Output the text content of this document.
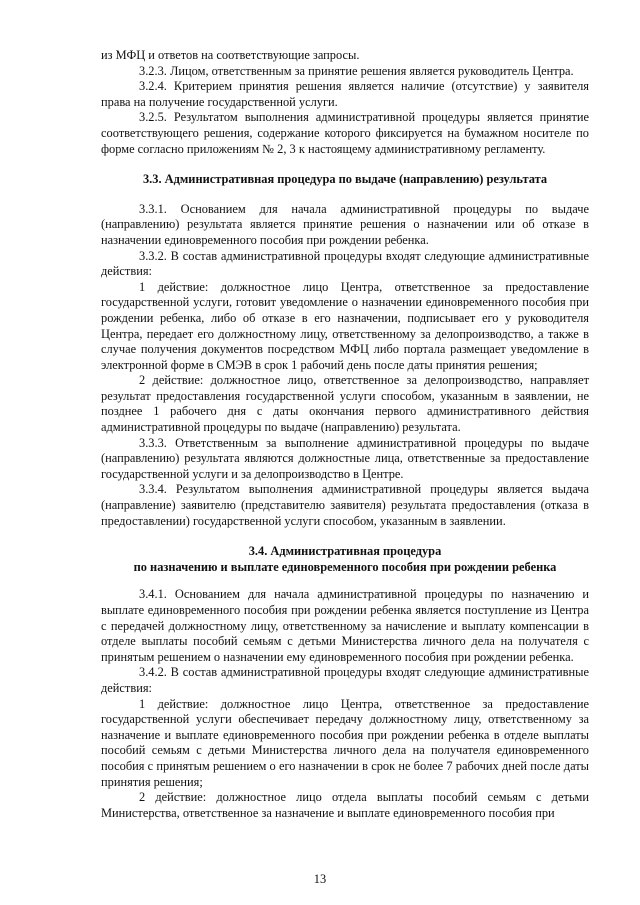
из МФЦ и ответов на соответствующие запросы.

3.2.3. Лицом, ответственным за принятие решения является руководитель Центра.

3.2.4. Критерием принятия решения является наличие (отсутствие) у заявителя права на получение государственной услуги.

3.2.5. Результатом выполнения административной процедуры является принятие соответствующего решения, содержание которого фиксируется на бумажном носителе по форме согласно приложениям № 2, 3 к настоящему административному регламенту.

3.3. Административная процедура по выдаче (направлению) результата

3.3.1. Основанием для начала административной процедуры по выдаче (направлению) результата является принятие решения о назначении или об отказе в назначении единовременного пособия при рождении ребенка.

3.3.2. В состав административной процедуры входят следующие административные действия:

1 действие: должностное лицо Центра, ответственное за предоставление государственной услуги, готовит уведомление о назначении единовременного пособия при рождении ребенка, либо об отказе в его назначении, подписывает его у руководителя Центра, передает его должностному лицу, ответственному за делопроизводство, а также в случае получения документов посредством МФЦ либо портала размещает уведомление в электронной форме в СМЭВ в срок 1 рабочий день после даты принятия решения;

2 действие: должностное лицо, ответственное за делопроизводство, направляет результат предоставления государственной услуги способом, указанным в заявлении, не позднее 1 рабочего дня с даты окончания первого административного действия административной процедуры по выдаче (направлению) результата.

3.3.3. Ответственным за выполнение административной процедуры по выдаче (направлению) результата являются должностные лица, ответственные за предоставление государственной услуги и за делопроизводство в Центре.

3.3.4. Результатом выполнения административной процедуры является выдача (направление) заявителю (представителю заявителя) результата предоставления (отказа в предоставлении) государственной услуги способом, указанным в заявлении.

3.4. Административная процедура

по назначению и выплате единовременного пособия при рождении ребенка

3.4.1. Основанием для начала административной процедуры по назначению и выплате единовременного пособия при рождении ребенка является поступление из Центра с передачей должностному лицу, ответственному за начисление и выплату компенсации в отделе выплаты пособий семьям с детьми Министерства личного дела на получателя с принятым решением о назначении ему единовременного пособия при рождении ребенка.

3.4.2. В состав административной процедуры входят следующие административные действия:

1 действие: должностное лицо Центра, ответственное за предоставление государственной услуги обеспечивает передачу должностному лицу, ответственному за назначение и выплате единовременного пособия при рождении ребенка в отделе выплаты пособий семьям с детьми Министерства личного дела на получателя единовременного пособия с принятым решением о его назначении в срок не более 7 рабочих дней после даты принятия решения;

2 действие: должностное лицо отдела выплаты пособий семьям с детьми Министерства, ответственное за назначение и выплате единовременного пособия при

13
